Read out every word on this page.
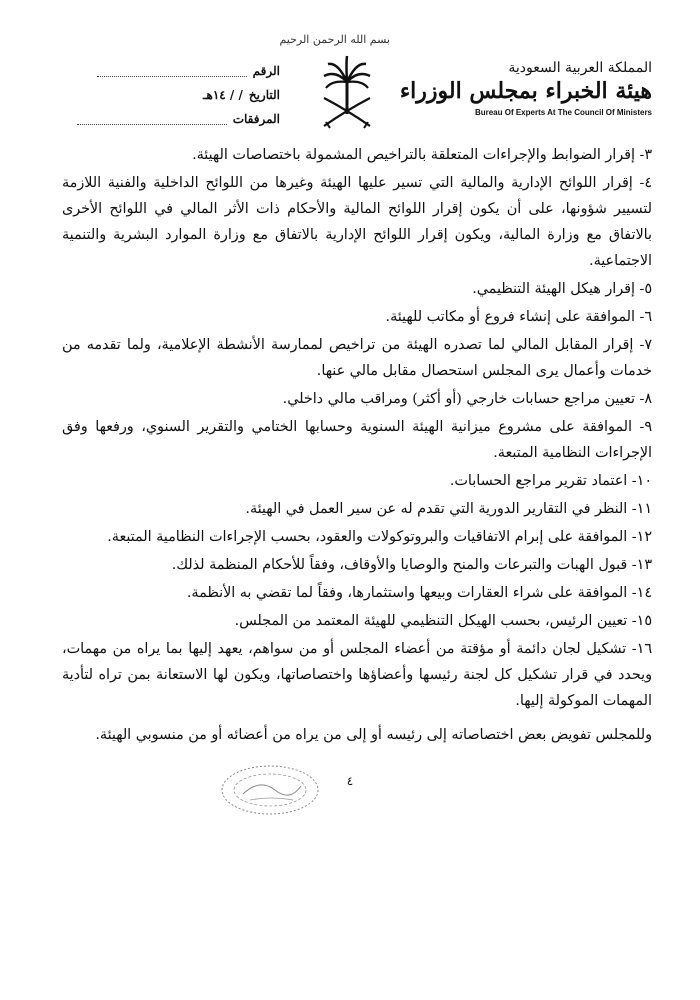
بسم الله الرحمن الرحيم
الرقم
التاريخ
/ / ١٤هـ
المرفقات
المملكة العربية السعودية
هيئة الخبراء بمجلس الوزراء
Bureau Of Experts At The Council Of Ministers

٣- إقرار الضوابط والإجراءات المتعلقة بالتراخيص المشمولة باختصاصات الهيئة.

٤- إقرار اللوائح الإدارية والمالية التي تسير عليها الهيئة وغيرها من اللوائح الداخلية والفنية اللازمة لتسيير شؤونها، على أن يكون إقرار اللوائح المالية والأحكام ذات الأثر المالي في اللوائح الأخرى بالاتفاق مع وزارة المالية، ويكون إقرار اللوائح الإدارية بالاتفاق مع وزارة الموارد البشرية والتنمية الاجتماعية.

٥- إقرار هيكل الهيئة التنظيمي.

٦- الموافقة على إنشاء فروع أو مكاتب للهيئة.

٧- إقرار المقابل المالي لما تصدره الهيئة من تراخيص لممارسة الأنشطة الإعلامية، ولما تقدمه من خدمات وأعمال يرى المجلس استحصال مقابل مالي عنها.

٨- تعيين مراجع حسابات خارجي (أو أكثر) ومراقب مالي داخلي.

٩- الموافقة على مشروع ميزانية الهيئة السنوية وحسابها الختامي والتقرير السنوي، ورفعها وفق الإجراءات النظامية المتبعة.

١٠- اعتماد تقرير مراجع الحسابات.

١١- النظر في التقارير الدورية التي تقدم له عن سير العمل في الهيئة.

١٢- الموافقة على إبرام الاتفاقيات والبروتوكولات والعقود، بحسب الإجراءات النظامية المتبعة.

١٣- قبول الهبات والتبرعات والمنح والوصايا والأوقاف، وفقاً للأحكام المنظمة لذلك.

١٤- الموافقة على شراء العقارات وبيعها واستثمارها، وفقاً لما تقضي به الأنظمة.

١٥- تعيين الرئيس، بحسب الهيكل التنظيمي للهيئة المعتمد من المجلس.

١٦- تشكيل لجان دائمة أو مؤقتة من أعضاء المجلس أو من سواهم، يعهد إليها بما يراه من مهمات، ويحدد في قرار تشكيل كل لجنة رئيسها وأعضاؤها واختصاصاتها، ويكون لها الاستعانة بمن تراه لتأدية المهمات الموكولة إليها.

وللمجلس تفويض بعض اختصاصاته إلى رئيسه أو إلى من يراه من أعضائه أو من منسوبي الهيئة.

٤
